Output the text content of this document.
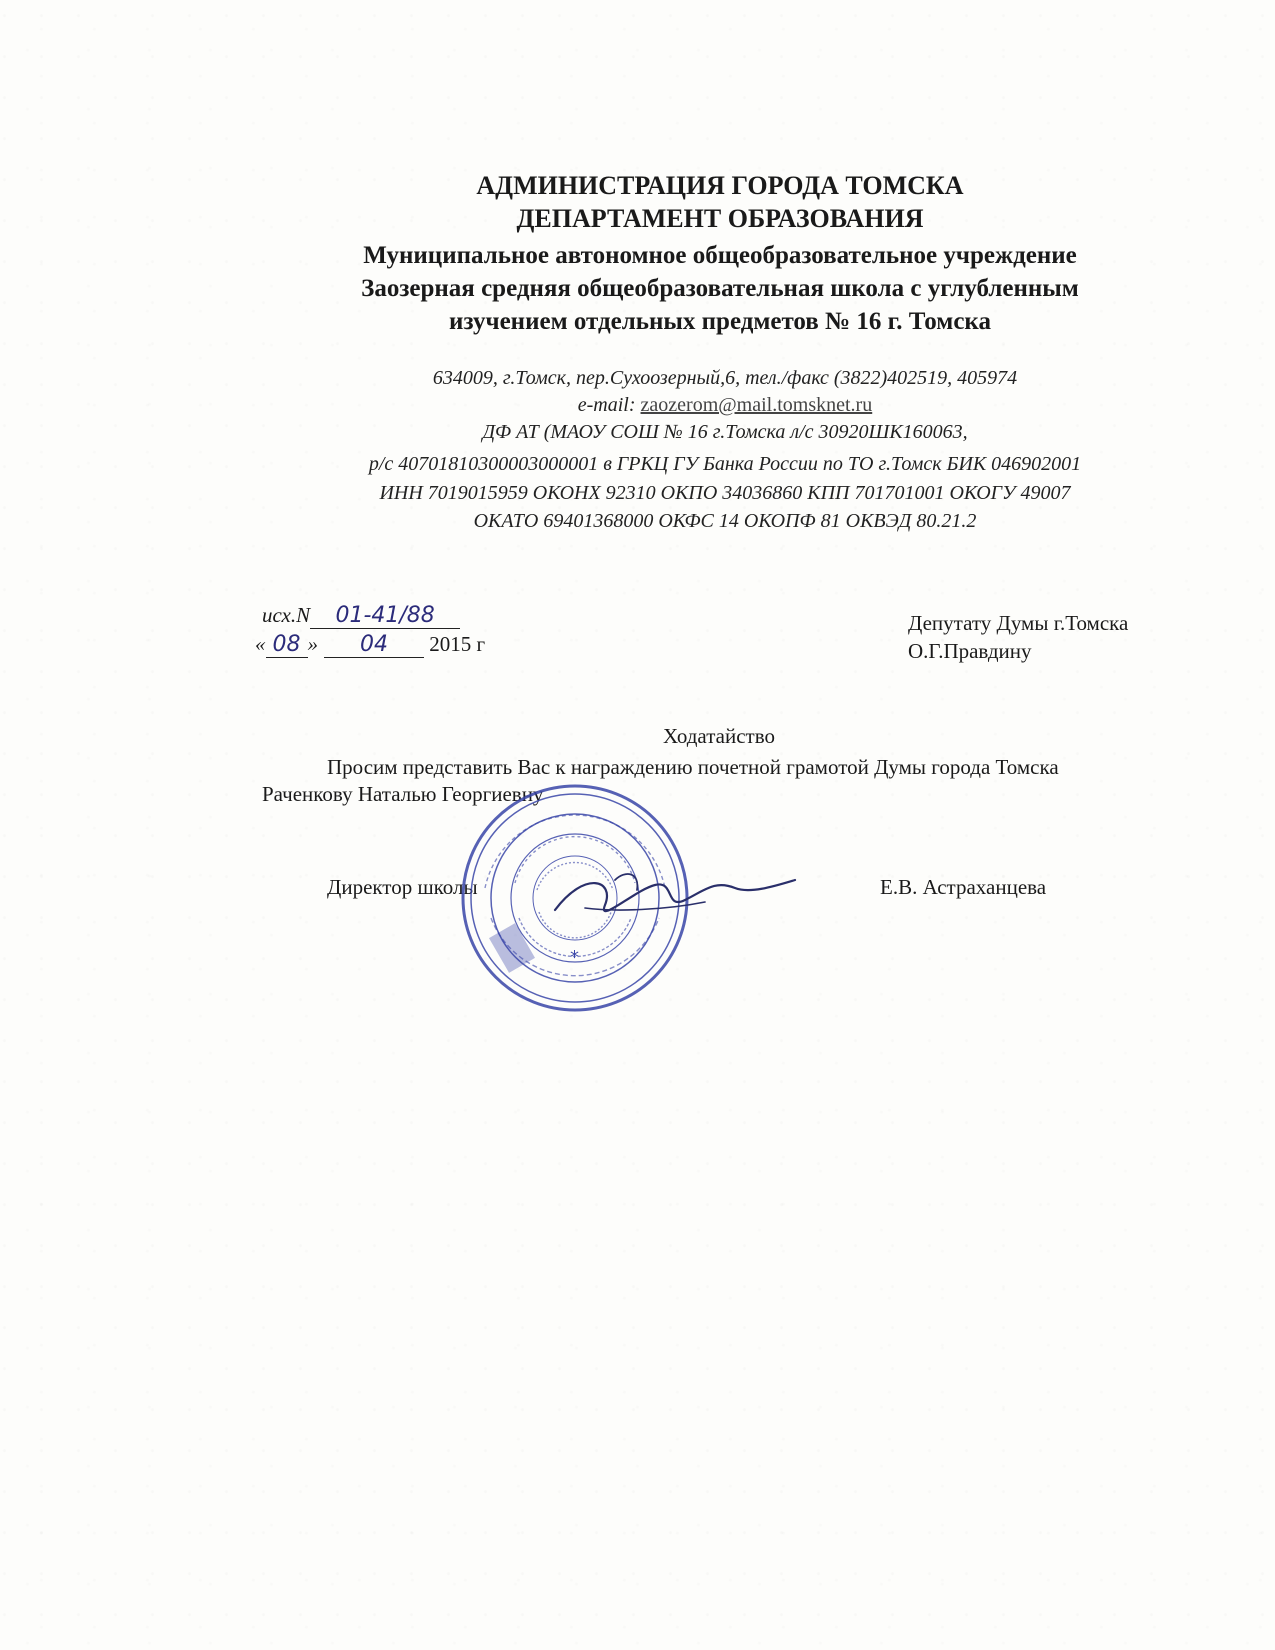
АДМИНИСТРАЦИЯ ГОРОДА ТОМСКА
ДЕПАРТАМЕНТ ОБРАЗОВАНИЯ
Муниципальное автономное общеобразовательное учреждение
Заозерная средняя общеобразовательная школа с углубленным
изучением отдельных предметов № 16 г. Томска
634009, г.Томск, пер.Сухоозерный,6, тел./факс (3822)402519, 405974
e-mail: zaozerom@mail.tomsknet.ru
ДФ АТ (МАОУ СОШ № 16 г.Томска л/с 30920ШК160063,
р/с 40701810300003000001 в ГРКЦ ГУ Банка России по ТО г.Томск БИК 046902001
ИНН 7019015959 ОКОНХ 92310 ОКПО 34036860 КПП 701701001 ОКОГУ 49007
ОКАТО 69401368000 ОКФС 14 ОКОПФ 81 ОКВЭД 80.21.2
исх.N 01-41/88
« 08 » 04 2015 г
Депутату Думы г.Томска
О.Г.Правдину
Ходатайство
Просим представить Вас к награждению почетной грамотой Думы города Томска
Раченкову Наталью Георгиевну
Директор школы	Е.В. Астраханцева
*
